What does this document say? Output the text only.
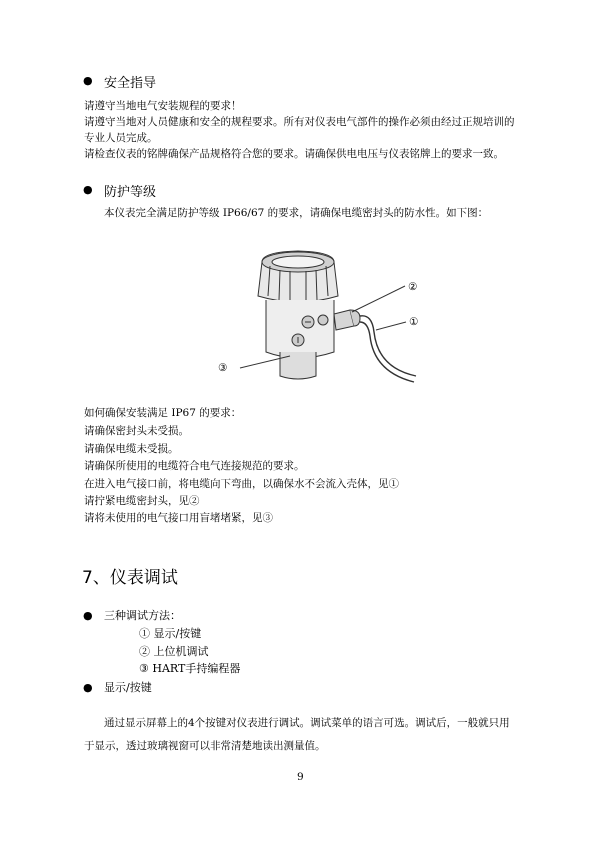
● 安全指导
请遵守当地电气安装规程的要求！
请遵守当地对人员健康和安全的规程要求。所有对仪表电气部件的操作必须由经过正规培训的
专业人员完成。
请检查仪表的铭牌确保产品规格符合您的要求。请确保供电电压与仪表铭牌上的要求一致。
● 防护等级
本仪表完全满足防护等级 IP66/67 的要求，请确保电缆密封头的防水性。如下图：
②
①
③
如何确保安装满足 IP67 的要求：
请确保密封头未受损。
请确保电缆未受损。
请确保所使用的电缆符合电气连接规范的要求。
在进入电气接口前，将电缆向下弯曲，以确保水不会流入壳体，见①
请拧紧电缆密封头，见②
请将未使用的电气接口用盲堵堵紧，见③
7、仪表调试
● 三种调试方法：
① 显示/按键
② 上位机调试
③ HART手持编程器
● 显示/按键
通过显示屏幕上的4个按键对仪表进行调试。调试菜单的语言可选。调试后，一般就只用
于显示，透过玻璃视窗可以非常清楚地读出测量值。
9
